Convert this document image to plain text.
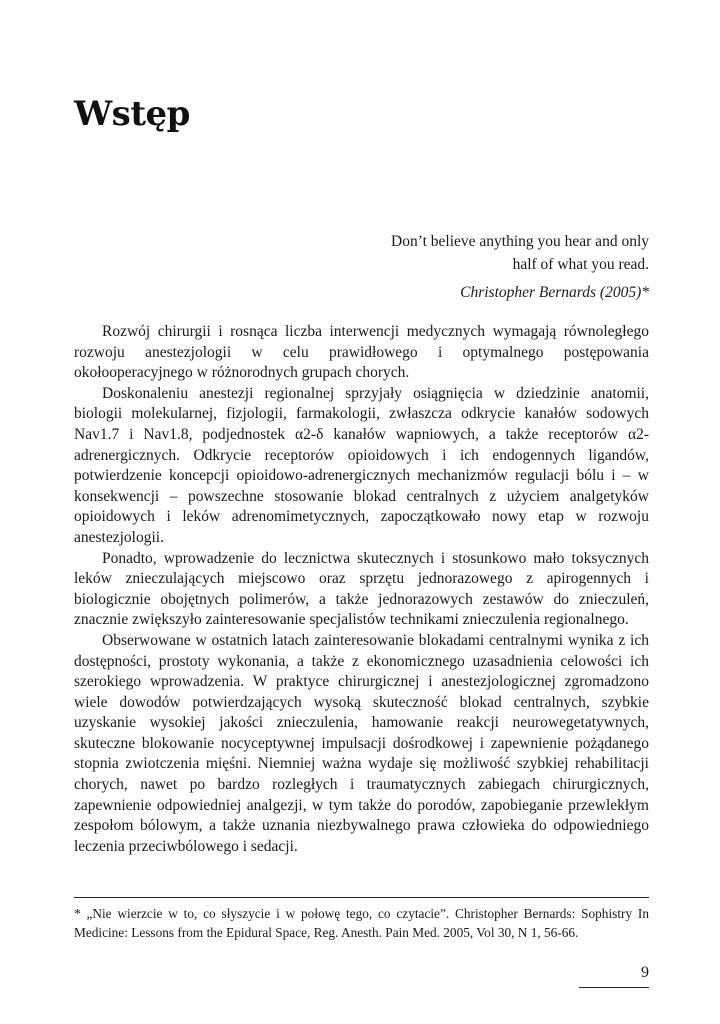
Wstęp
Don’t believe anything you hear and only
half of what you read.
Christopher Bernards (2005)*

Rozwój chirurgii i rosnąca liczba interwencji medycznych wymagają równoległego rozwoju anestezjologii w celu prawidłowego i optymalnego postępowania okołooperacyjnego w różnorodnych grupach chorych.

Doskonaleniu anestezji regionalnej sprzyjały osiągnięcia w dziedzinie anatomii, biologii molekularnej, fizjologii, farmakologii, zwłaszcza odkrycie kanałów sodowych Nav1.7 i Nav1.8, podjednostek α2-δ kanałów wapniowych, a także receptorów α2-adrenergicznych. Odkrycie receptorów opioidowych i ich endogennych ligandów, potwierdzenie koncepcji opioidowo-adrenergicznych mechanizmów regulacji bólu i – w konsekwencji – powszechne stosowanie blokad centralnych z użyciem analgetyków opioidowych i leków adrenomimetycznych, zapoczątkowało nowy etap w rozwoju anestezjologii.

Ponadto, wprowadzenie do lecznictwa skutecznych i stosunkowo mało toksycznych leków znieczulających miejscowo oraz sprzętu jednorazowego z apirogennych i biologicznie obojętnych polimerów, a także jednorazowych zestawów do znieczuleń, znacznie zwiększyło zainteresowanie specjalistów technikami znieczulenia regionalnego.

Obserwowane w ostatnich latach zainteresowanie blokadami centralnymi wynika z ich dostępności, prostoty wykonania, a także z ekonomicznego uzasadnienia celowości ich szerokiego wprowadzenia. W praktyce chirurgicznej i anestezjologicznej zgromadzono wiele dowodów potwierdzających wysoką skuteczność blokad centralnych, szybkie uzyskanie wysokiej jakości znieczulenia, hamowanie reakcji neurowegetatywnych, skuteczne blokowanie nocyceptywnej impulsacji dośrodkowej i zapewnienie pożądanego stopnia zwiotczenia mięśni. Niemniej ważna wydaje się możliwość szybkiej rehabilitacji chorych, nawet po bardzo rozległych i traumatycznych zabiegach chirurgicznych, zapewnienie odpowiedniej analgezji, w tym także do porodów, zapobieganie przewlekłym zespołom bólowym, a także uznania niezbywalnego prawa człowieka do odpowiedniego leczenia przeciwbólowego i sedacji.

* „Nie wierzcie w to, co słyszycie i w połowę tego, co czytacie”. Christopher Bernards: Sophistry In Medicine: Lessons from the Epidural Space, Reg. Anesth. Pain Med. 2005, Vol 30, N 1, 56-66.
9
